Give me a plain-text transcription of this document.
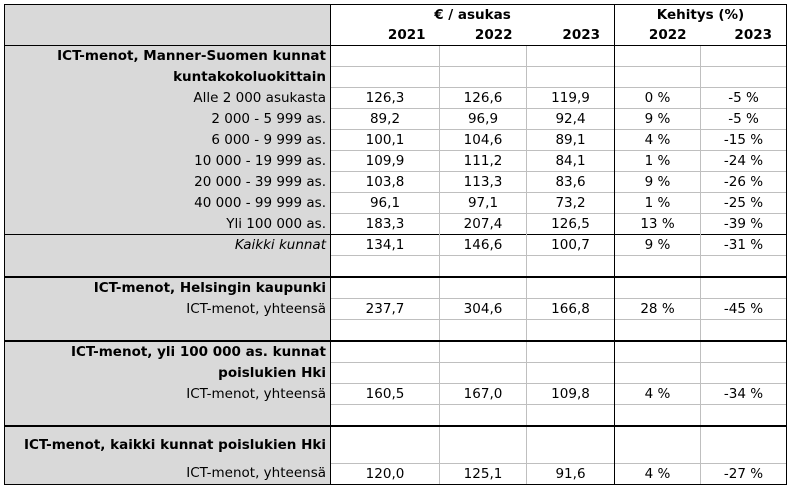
	€ / asukas			Kehitys (%)	
	2021	2022	2023	2022	2023
ICT-menot, Manner-Suomen kunnat					
kuntakokoluokittain					
Alle 2 000 asukasta	126,3	126,6	119,9	0 %	-5 %
2 000 - 5 999 as.	89,2	96,9	92,4	9 %	-5 %
6 000 - 9 999 as.	100,1	104,6	89,1	4 %	-15 %
10 000 - 19 999 as.	109,9	111,2	84,1	1 %	-24 %
20 000 - 39 999 as.	103,8	113,3	83,6	9 %	-26 %
40 000 - 99 999 as.	96,1	97,1	73,2	1 %	-25 %
Yli 100 000 as.	183,3	207,4	126,5	13 %	-39 %
Kaikki kunnat	134,1	146,6	100,7	9 %	-31 %

ICT-menot, Helsingin kaupunki					
ICT-menot, yhteensä	237,7	304,6	166,8	28 %	-45 %

ICT-menot, yli 100 000 as. kunnat					
poislukien Hki					
ICT-menot, yhteensä	160,5	167,0	109,8	4 %	-34 %

ICT-menot, kaikki kunnat poislukien Hki					
ICT-menot, yhteensä	120,0	125,1	91,6	4 %	-27 %
